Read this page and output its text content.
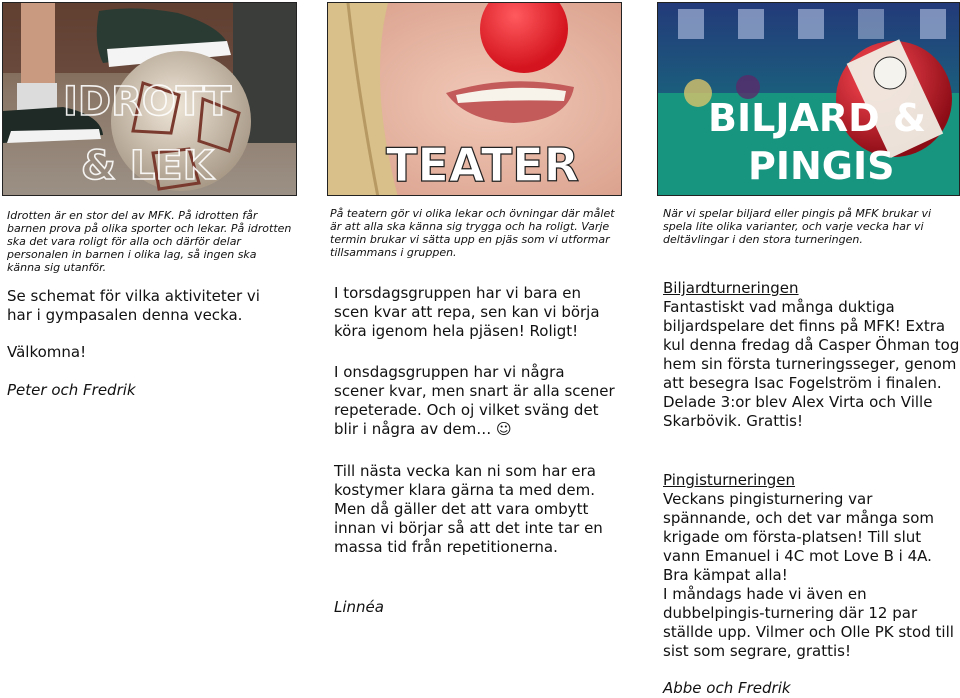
IDROTT
& LEK

Idrotten är en stor del av MFK. På idrotten får barnen prova på olika sporter och lekar. På idrotten ska det vara roligt för alla och därför delar personalen in barnen i olika lag, så ingen ska känna sig utanför.

Se schemat för vilka aktiviteter vi har i gympasalen denna vecka.

Välkomna!

Peter och Fredrik

TEATER

På teatern gör vi olika lekar och övningar där målet är att alla ska känna sig trygga och ha roligt. Varje termin brukar vi sätta upp en pjäs som vi utformar tillsammans i gruppen.

I torsdagsgruppen har vi bara en scen kvar att repa, sen kan vi börja köra igenom hela pjäsen! Roligt!

I onsdagsgruppen har vi några scener kvar, men snart är alla scener repeterade. Och oj vilket sväng det blir i några av dem… ☺

Till nästa vecka kan ni som har era kostymer klara gärna ta med dem. Men då gäller det att vara ombytt innan vi börjar så att det inte tar en massa tid från repetitionerna.

Linnéa

BILJARD &
PINGIS

När vi spelar biljard eller pingis på MFK brukar vi spela lite olika varianter, och varje vecka har vi deltävlingar i den stora turneringen.

Biljardturneringen

Fantastiskt vad många duktiga biljardspelare det finns på MFK! Extra kul denna fredag då Casper Öhman tog hem sin första turneringsseger, genom att besegra Isac Fogelström i finalen. Delade 3:or blev Alex Virta och Ville Skarbövik. Grattis!

Pingisturneringen

Veckans pingisturnering var spännande, och det var många som krigade om första-platsen! Till slut vann Emanuel i 4C mot Love B i 4A. Bra kämpat alla!

I måndags hade vi även en dubbelpingis-turnering där 12 par ställde upp. Vilmer och Olle PK stod till sist som segrare, grattis!

Abbe och Fredrik
